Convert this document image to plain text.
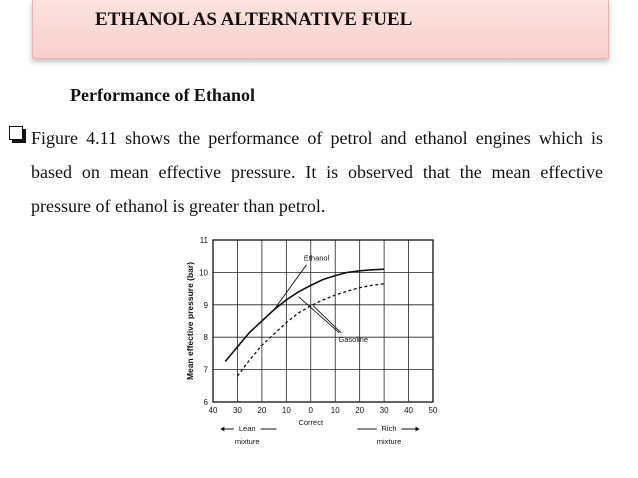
ETHANOL AS ALTERNATIVE FUEL
Performance of Ethanol
Figure 4.11 shows the performance of petrol and ethanol engines which is based on mean effective pressure. It is observed that the mean effective pressure of ethanol is greater than petrol.
6
7
8
9
10
11
40 30 20 10 0 10 20 30 40 50
Mean effective pressure (bar)
Correct
Lean
mixture
Rich
mixture
Ethanol
Gasoline
